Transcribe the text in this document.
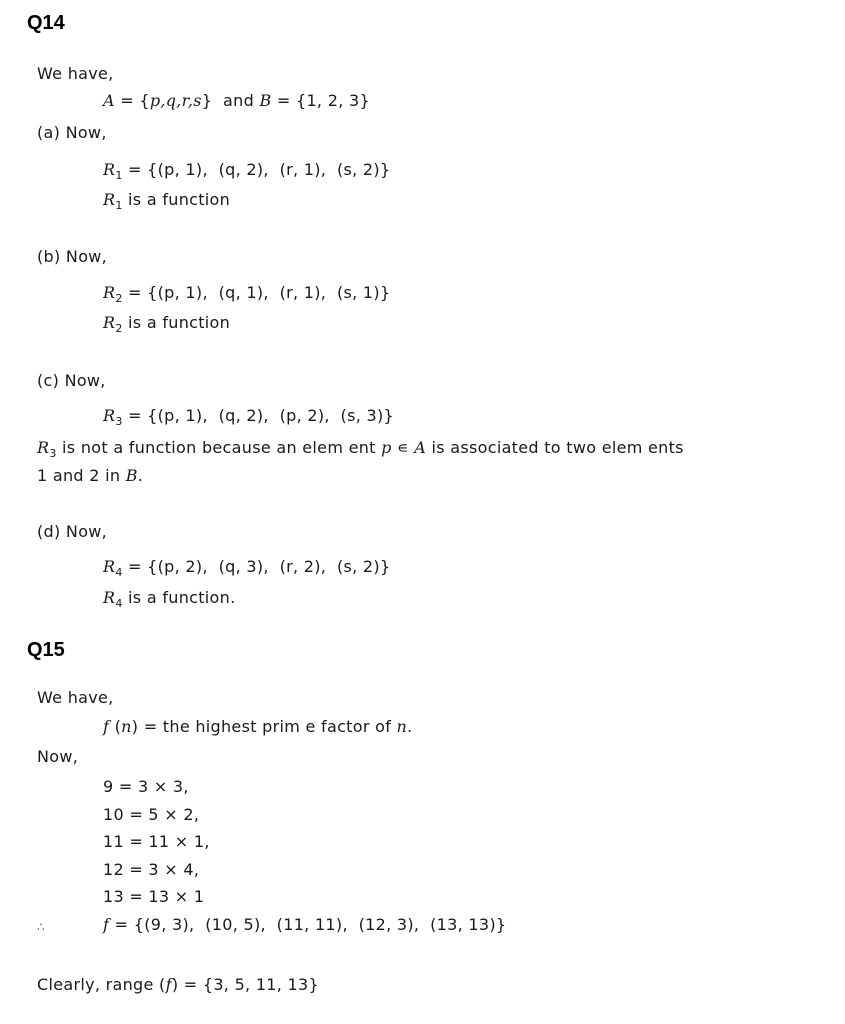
Q14
We have,
A = {p,q,r,s}  and B = {1, 2, 3}
(a) Now,
$R_1 = \{(p$, 1),  (q, 2),  (r, 1),  (s, 2)}
$R_1$ is a function
(b) Now,
$R_2 = \{(p$, 1),  (q, 1),  (r, 1),  (s, 1)}
$R_2$ is a function
(c) Now,
$R_3 = \{(p$, 1),  (q, 2),  (p, 2),  (s, 3)}
$R_3$ is not a function because an elem ent p ∊ A is associated to two elem ents
1 and 2 in B.
(d) Now,
$R_4 = \{(p$, 2),  (q, 3),  (r, 2),  (s, 2)}
$R_4$ is a function.
Q15
We have,
f (n) = the highest prim e factor of n.
Now,
9 = 3 × 3,
10 = 5 × 2,
11 = 11 × 1,
12 = 3 × 4,
13 = 13 × 1
∴	f = {(9, 3),  (10, 5),  (11, 11),  (12, 3),  (13, 13)}
Clearly, range (f) = {3, 5, 11, 13}
